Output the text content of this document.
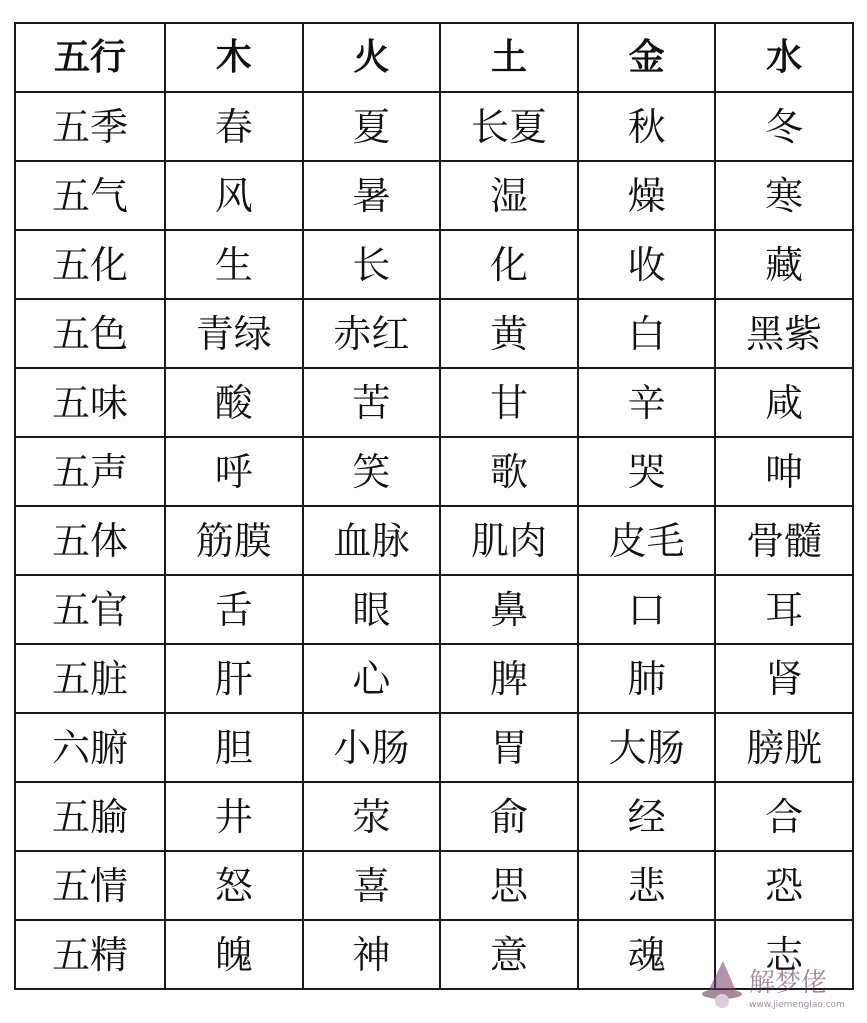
五行	木	火	土	金	水
五季	春	夏	长夏	秋	冬
五气	风	暑	湿	燥	寒
五化	生	长	化	收	藏
五色	青绿	赤红	黄	白	黑紫
五味	酸	苦	甘	辛	咸
五声	呼	笑	歌	哭	呻
五体	筋膜	血脉	肌肉	皮毛	骨髓
五官	舌	眼	鼻	口	耳
五脏	肝	心	脾	肺	肾
六腑	胆	小肠	胃	大肠	膀胱
五腧	井	荥	俞	经	合
五情	怒	喜	思	悲	恐
五精	魄	神	意	魂	志
解梦佬
www.jiemenglao.com
